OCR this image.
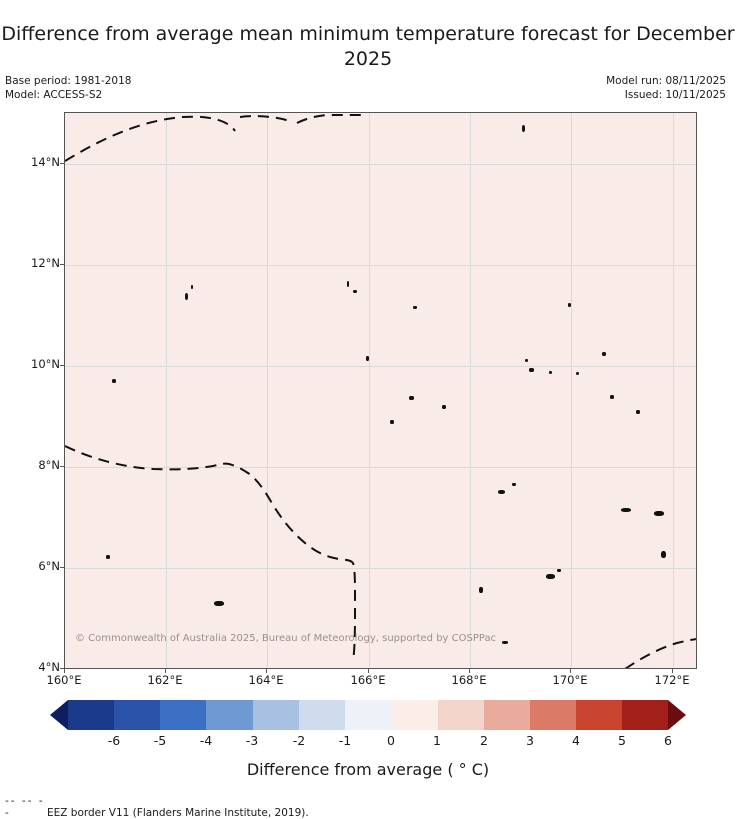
Difference from average mean minimum temperature forecast for December 2025
Base period: 1981-2018
Model: ACCESS-S2
Model run: 08/11/2025
Issued: 10/11/2025
© Commonwealth of Australia 2025, Bureau of Meteorology, supported by COSPPac
14°N
12°N
10°N
8°N
6°N
4°N
160°E	162°E	164°E	166°E	168°E	170°E	172°E
-6	-5	-4	-3	-2	-1	0	1	2	3	4	5	6
Difference from average ( ° C)
-- -- --	EEZ border V11 (Flanders Marine Institute, 2019).
